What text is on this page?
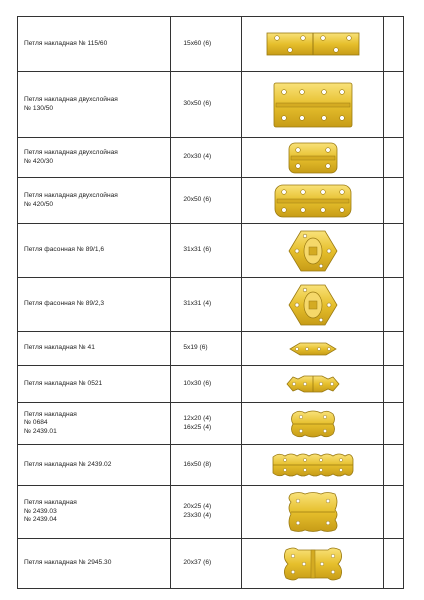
Петля накладная № 115/60	15х60 (6)

Петля накладная двухслойная
№ 130/50	30х50 (6)

Петля накладная двухслойная
№ 420/30	20х30 (4)

Петля накладная двухслойная
№ 420/50	20х50 (6)

Петля фасонная № 89/1,6	31х31 (6)

Петля фасонная № 89/2,3	31х31 (4)

Петля накладная № 41	5х19 (6)

Петля накладная № 0521	10х30 (6)

Петля накладная
№ 0684
№ 2439.01	12х20 (4)
16х25 (4)

Петля накладная № 2439.02	16х50 (8)

Петля накладная
№ 2439.03
№ 2439.04	20х25 (4)
23х30 (4)

Петля накладная № 2945.30	20х37 (6)
